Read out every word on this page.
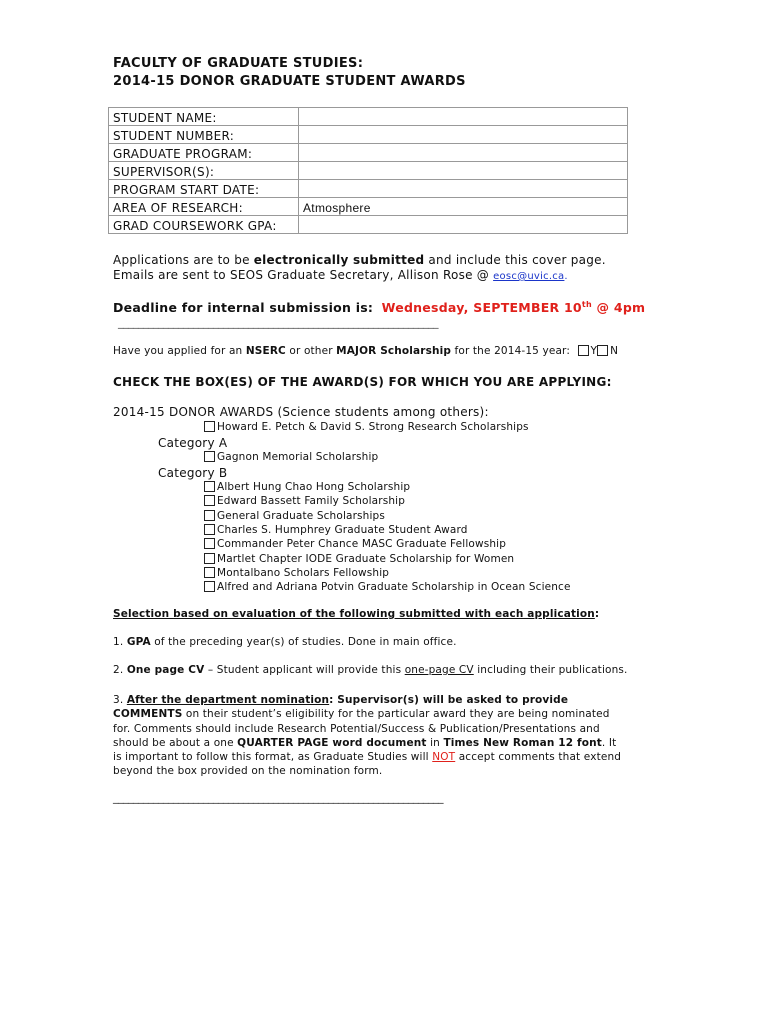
FACULTY OF GRADUATE STUDIES:
2014-15 DONOR GRADUATE STUDENT AWARDS
STUDENT NAME:	
STUDENT NUMBER:	
GRADUATE PROGRAM:	
SUPERVISOR(S):	
PROGRAM START DATE:	
AREA OF RESEARCH:	Atmosphere
GRAD COURSEWORK GPA:	
Applications are to be electronically submitted and include this cover page.
Emails are sent to SEOS Graduate Secretary, Allison Rose @ eosc@uvic.ca.
Deadline for internal submission is: Wednesday, SEPTEMBER 10th @ 4pm
________________________________________________________________
Have you applied for an NSERC or other MAJOR Scholarship for the 2014-15 year: Y N
CHECK THE BOX(ES) OF THE AWARD(S) FOR WHICH YOU ARE APPLYING:
2014-15 DONOR AWARDS (Science students among others):
Howard E. Petch & David S. Strong Research Scholarships
Category A
Gagnon Memorial Scholarship
Category B
Albert Hung Chao Hong Scholarship
Edward Bassett Family Scholarship
General Graduate Scholarships
Charles S. Humphrey Graduate Student Award
Commander Peter Chance MASC Graduate Fellowship
Martlet Chapter IODE Graduate Scholarship for Women
Montalbano Scholars Fellowship
Alfred and Adriana Potvin Graduate Scholarship in Ocean Science
Selection based on evaluation of the following submitted with each application:
1. GPA of the preceding year(s) of studies. Done in main office.
2. One page CV – Student applicant will provide this one-page CV including their publications.
3. After the department nomination: Supervisor(s) will be asked to provide
COMMENTS on their student’s eligibility for the particular award they are being nominated
for. Comments should include Research Potential/Success & Publication/Presentations and
should be about a one QUARTER PAGE word document in Times New Roman 12 font. It
is important to follow this format, as Graduate Studies will NOT accept comments that extend
beyond the box provided on the nomination form.
__________________________________________________________________
